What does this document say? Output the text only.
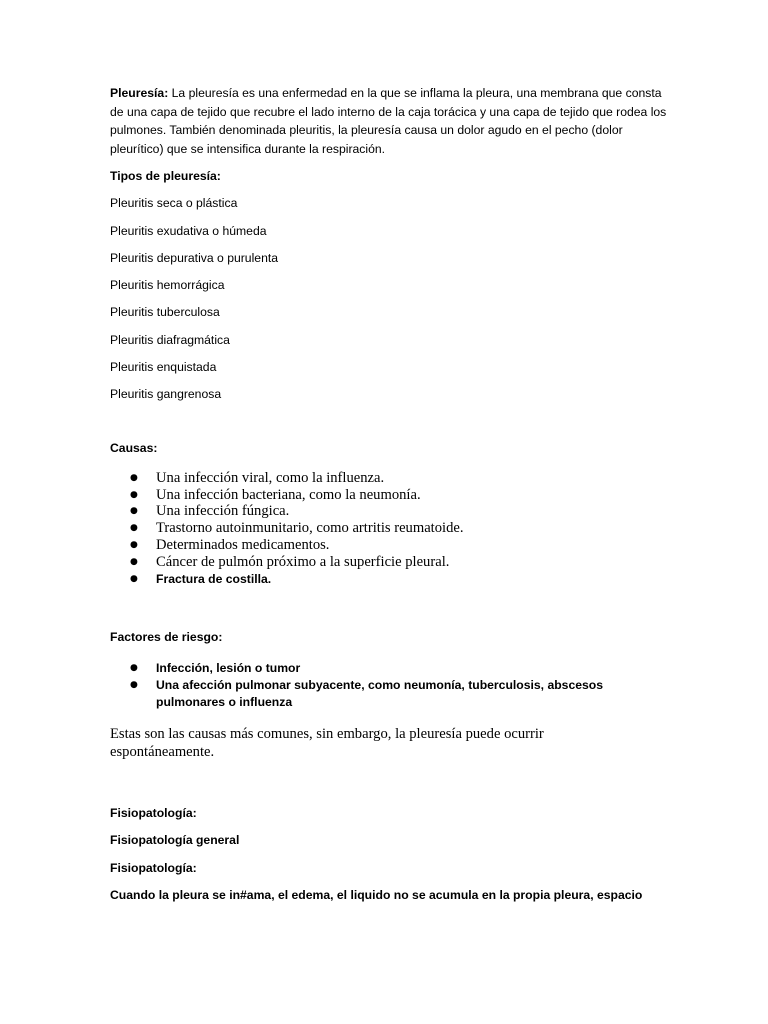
Pleuresía: La pleuresía es una enfermedad en la que se inflama la pleura, una membrana que consta de una capa de tejido que recubre el lado interno de la caja torácica y una capa de tejido que rodea los pulmones. También denominada pleuritis, la pleuresía causa un dolor agudo en el pecho (dolor pleurítico) que se intensifica durante la respiración.

Tipos de pleuresía:

Pleuritis seca o plástica

Pleuritis exudativa o húmeda

Pleuritis depurativa o purulenta

Pleuritis hemorrágica

Pleuritis tuberculosa

Pleuritis diafragmática

Pleuritis enquistada

Pleuritis gangrenosa

Causas:

● Una infección viral, como la influenza.
● Una infección bacteriana, como la neumonía.
● Una infección fúngica.
● Trastorno autoinmunitario, como artritis reumatoide.
● Determinados medicamentos.
● Cáncer de pulmón próximo a la superficie pleural.
● Fractura de costilla.

Factores de riesgo:

● Infección, lesión o tumor
● Una afección pulmonar subyacente, como neumonía, tuberculosis, abscesos pulmonares o influenza

Estas son las causas más comunes, sin embargo, la pleuresía puede ocurrir espontáneamente.

Fisiopatología:

Fisiopatología general

Fisiopatología:

Cuando la pleura se in#ama, el edema, el liquido no se acumula en la propia pleura, espacio
